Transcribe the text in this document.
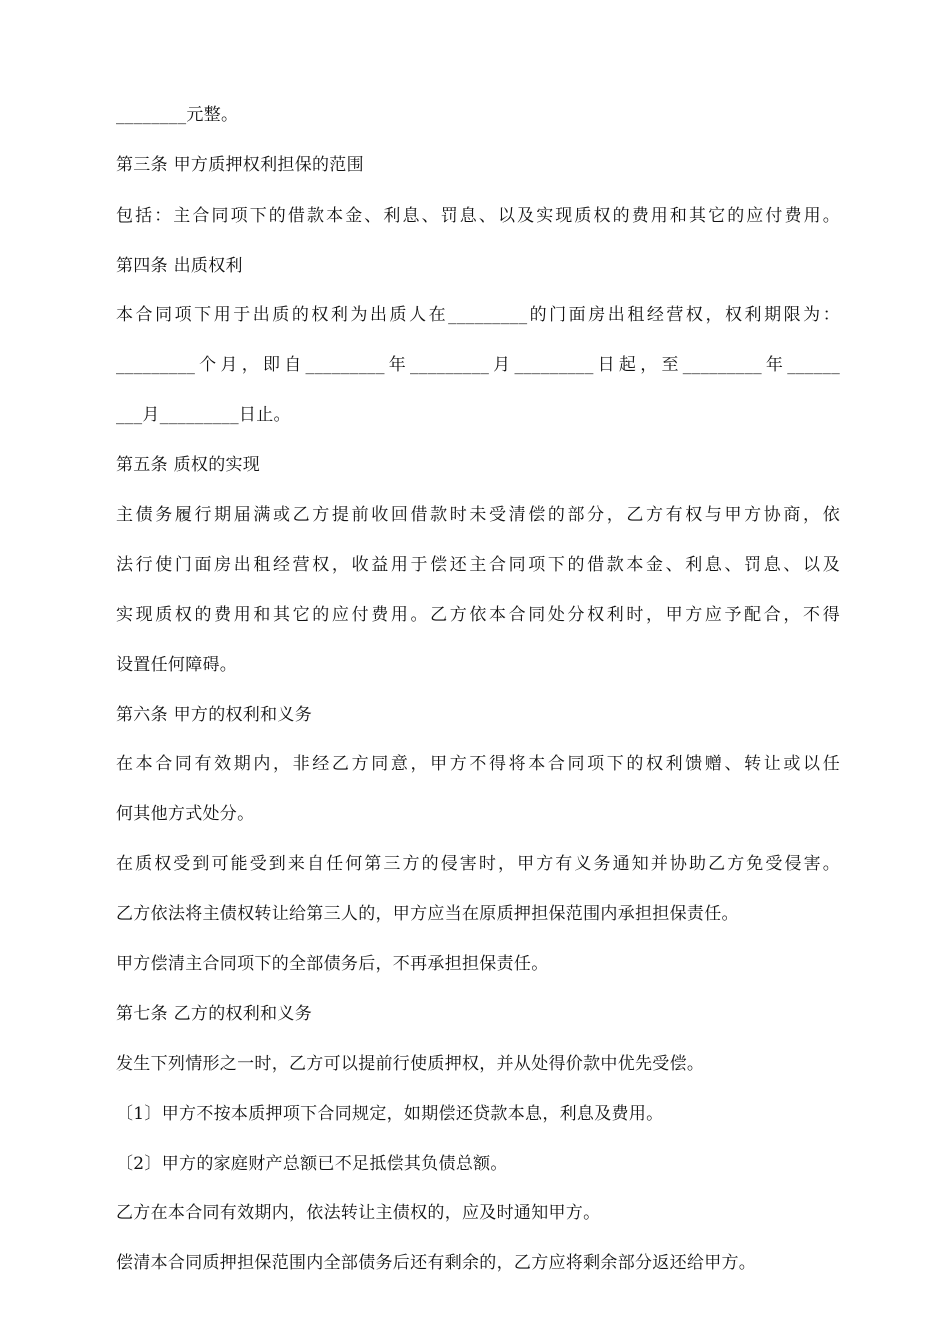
________元整。
第三条 甲方质押权利担保的范围
包括：主合同项下的借款本金、利息、罚息、以及实现质权的费用和其它的应付费用。
第四条 出质权利
本合同项下用于出质的权利为出质人在_________的门面房出租经营权，权利期限为：
_________个月，即自_________年_________月_________日起，至_________年______
___月_________日止。
第五条 质权的实现
主债务履行期届满或乙方提前收回借款时未受清偿的部分，乙方有权与甲方协商，依
法行使门面房出租经营权，收益用于偿还主合同项下的借款本金、利息、罚息、以及
实现质权的费用和其它的应付费用。乙方依本合同处分权利时，甲方应予配合，不得
设置任何障碍。
第六条 甲方的权利和义务
在本合同有效期内，非经乙方同意，甲方不得将本合同项下的权利馈赠、转让或以任
何其他方式处分。
在质权受到可能受到来自任何第三方的侵害时，甲方有义务通知并协助乙方免受侵害。
乙方依法将主债权转让给第三人的，甲方应当在原质押担保范围内承担担保责任。
甲方偿清主合同项下的全部债务后，不再承担担保责任。
第七条 乙方的权利和义务
发生下列情形之一时，乙方可以提前行使质押权，并从处得价款中优先受偿。
〔1〕甲方不按本质押项下合同规定，如期偿还贷款本息，利息及费用。
〔2〕甲方的家庭财产总额已不足抵偿其负债总额。
乙方在本合同有效期内，依法转让主债权的，应及时通知甲方。
偿清本合同质押担保范围内全部债务后还有剩余的，乙方应将剩余部分返还给甲方。
